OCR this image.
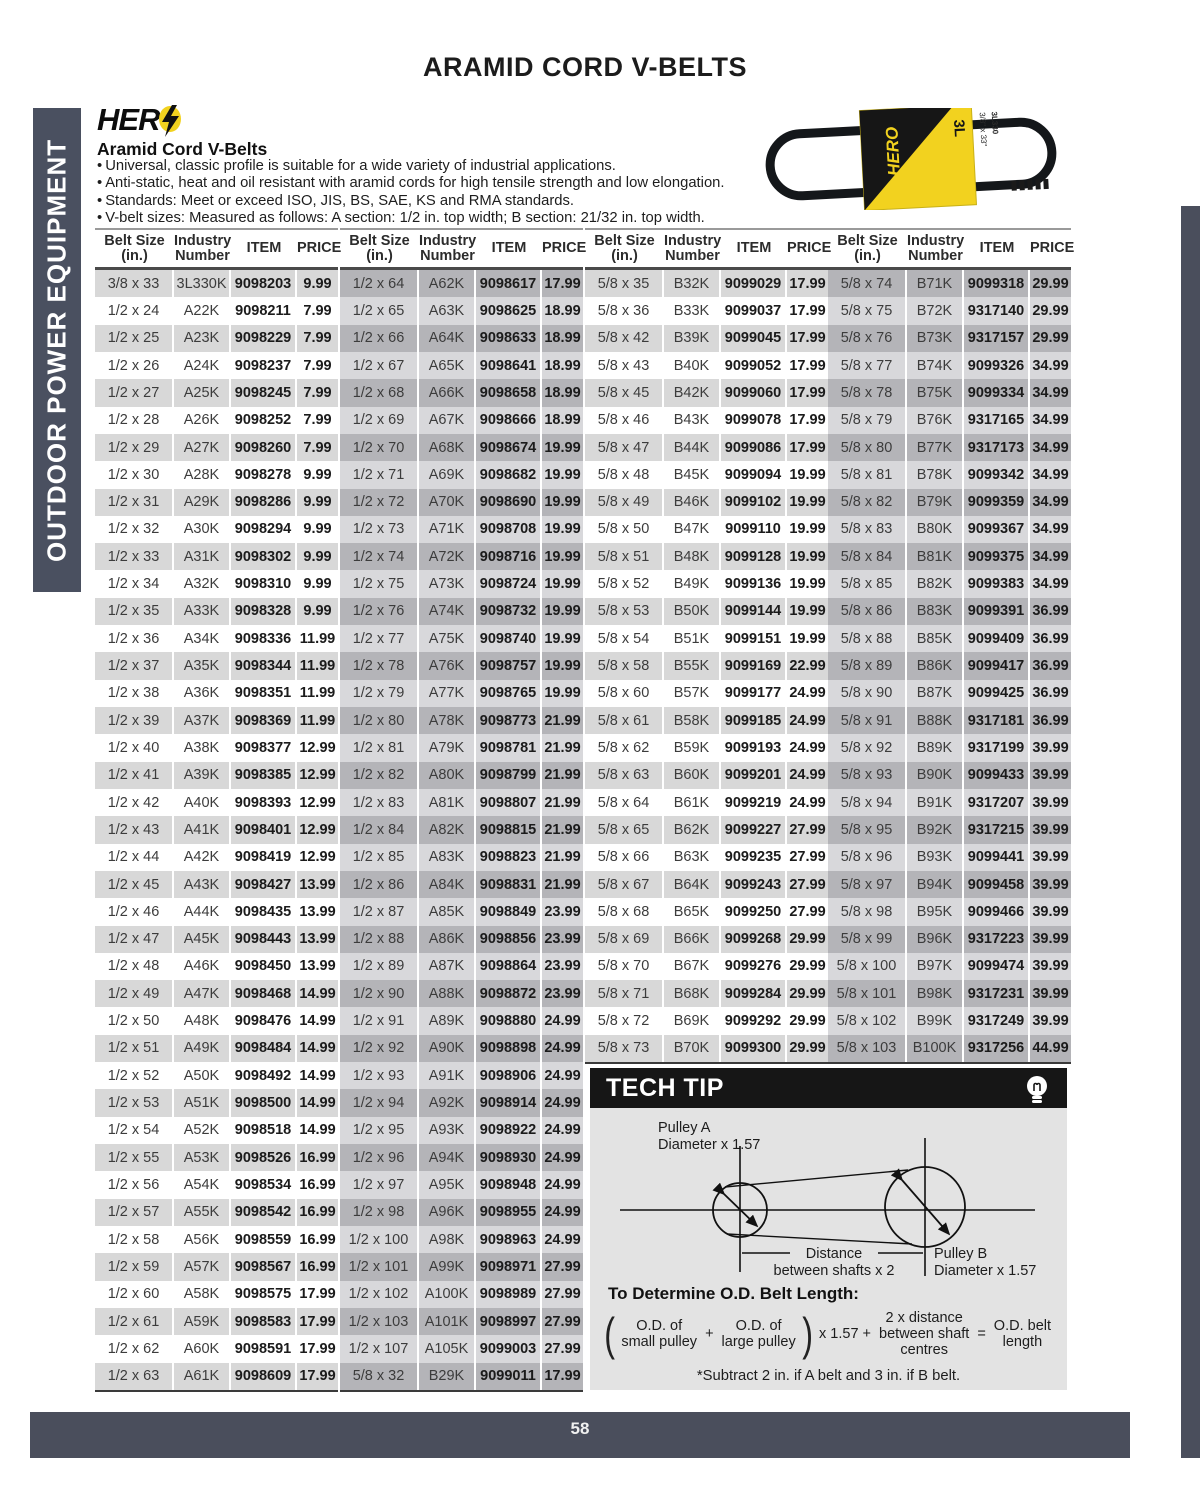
ARAMID CORD V-BELTS
OUTDOOR POWER EQUIPMENT
HER
Aramid Cord V-Belts
• Universal, classic profile is suitable for a wide variety of industrial applications.
• Anti-static, heat and oil resistant with aramid cords for high tensile strength and low elongation.
• Standards: Meet or exceed ISO, JIS, BS, SAE, KS and RMA standards.
• V-belt sizes: Measured as follows: A section: 1/2 in. top width; B section: 21/32 in. top width.
HERO	3L 3/8" x 33" 3L330
Belt Size
(in.)
Industry
Number	ITEM	PRICE
3/8 x 33	3L330K 9098203 9.99
1/2 x 24	A22K	9098211 7.99
1/2 x 25	A23K	9098229 7.99
1/2 x 26	A24K	9098237 7.99
1/2 x 27	A25K	9098245 7.99
1/2 x 28	A26K	9098252 7.99
1/2 x 29	A27K	9098260 7.99
1/2 x 30	A28K	9098278 9.99
1/2 x 31	A29K	9098286 9.99
1/2 x 32	A30K	9098294 9.99
1/2 x 33	A31K	9098302 9.99
1/2 x 34	A32K	9098310 9.99
1/2 x 35	A33K	9098328 9.99
1/2 x 36	A34K	9098336 11.99
1/2 x 37	A35K	9098344 11.99
1/2 x 38	A36K	9098351 11.99
1/2 x 39	A37K	9098369 11.99
1/2 x 40	A38K	9098377 12.99
1/2 x 41	A39K	9098385 12.99
1/2 x 42	A40K	9098393 12.99
1/2 x 43	A41K	9098401 12.99
1/2 x 44	A42K	9098419 12.99
1/2 x 45	A43K	9098427 13.99
1/2 x 46	A44K	9098435 13.99
1/2 x 47	A45K	9098443 13.99
1/2 x 48	A46K	9098450 13.99
1/2 x 49	A47K	9098468 14.99
1/2 x 50	A48K	9098476 14.99
1/2 x 51	A49K	9098484 14.99
1/2 x 52	A50K	9098492 14.99
1/2 x 53	A51K	9098500 14.99
1/2 x 54	A52K	9098518 14.99
1/2 x 55	A53K	9098526 16.99
1/2 x 56	A54K	9098534 16.99
1/2 x 57	A55K	9098542 16.99
1/2 x 58	A56K	9098559 16.99
1/2 x 59	A57K	9098567 16.99
1/2 x 60	A58K	9098575 17.99
1/2 x 61	A59K	9098583 17.99
1/2 x 62	A60K	9098591 17.99
1/2 x 63	A61K	9098609 17.99
Belt Size
(in.)
Industry
Number	ITEM	PRICE
1/2 x 64	A62K	9098617 17.99
1/2 x 65	A63K	9098625 18.99
1/2 x 66	A64K	9098633 18.99
1/2 x 67	A65K	9098641 18.99
1/2 x 68	A66K	9098658 18.99
1/2 x 69	A67K	9098666 18.99
1/2 x 70	A68K	9098674 19.99
1/2 x 71	A69K	9098682 19.99
1/2 x 72	A70K	9098690 19.99
1/2 x 73	A71K	9098708 19.99
1/2 x 74	A72K	9098716 19.99
1/2 x 75	A73K	9098724 19.99
1/2 x 76	A74K	9098732 19.99
1/2 x 77	A75K	9098740 19.99
1/2 x 78	A76K	9098757 19.99
1/2 x 79	A77K	9098765 19.99
1/2 x 80	A78K	9098773 21.99
1/2 x 81	A79K	9098781 21.99
1/2 x 82	A80K	9098799 21.99
1/2 x 83	A81K	9098807 21.99
1/2 x 84	A82K	9098815 21.99
1/2 x 85	A83K	9098823 21.99
1/2 x 86	A84K	9098831 21.99
1/2 x 87	A85K	9098849 23.99
1/2 x 88	A86K	9098856 23.99
1/2 x 89	A87K	9098864 23.99
1/2 x 90	A88K	9098872 23.99
1/2 x 91	A89K	9098880 24.99
1/2 x 92	A90K	9098898 24.99
1/2 x 93	A91K	9098906 24.99
1/2 x 94	A92K	9098914 24.99
1/2 x 95	A93K	9098922 24.99
1/2 x 96	A94K	9098930 24.99
1/2 x 97	A95K	9098948 24.99
1/2 x 98	A96K	9098955 24.99
1/2 x 100	A98K	9098963 24.99
1/2 x 101	A99K	9098971 27.99
1/2 x 102	A100K 9098989 27.99
1/2 x 103	A101K 9098997 27.99
1/2 x 107	A105K 9099003 27.99
5/8 x 32	B29K	9099011 17.99
Belt Size
(in.)
Industry
Number	ITEM	PRICE
5/8 x 35	B32K	9099029 17.99
5/8 x 36	B33K	9099037 17.99
5/8 x 42	B39K	9099045 17.99
5/8 x 43	B40K	9099052 17.99
5/8 x 45	B42K	9099060 17.99
5/8 x 46	B43K	9099078 17.99
5/8 x 47	B44K	9099086 17.99
5/8 x 48	B45K	9099094 19.99
5/8 x 49	B46K	9099102 19.99
5/8 x 50	B47K	9099110 19.99
5/8 x 51	B48K	9099128 19.99
5/8 x 52	B49K	9099136 19.99
5/8 x 53	B50K	9099144 19.99
5/8 x 54	B51K	9099151 19.99
5/8 x 58	B55K	9099169 22.99
5/8 x 60	B57K	9099177 24.99
5/8 x 61	B58K	9099185 24.99
5/8 x 62	B59K	9099193 24.99
5/8 x 63	B60K	9099201 24.99
5/8 x 64	B61K	9099219 24.99
5/8 x 65	B62K	9099227 27.99
5/8 x 66	B63K	9099235 27.99
5/8 x 67	B64K	9099243 27.99
5/8 x 68	B65K	9099250 27.99
5/8 x 69	B66K	9099268 29.99
5/8 x 70	B67K	9099276 29.99
5/8 x 71	B68K	9099284 29.99
5/8 x 72	B69K	9099292 29.99
5/8 x 73	B70K	9099300 29.99
Belt Size
(in.)
Industry
Number	ITEM	PRICE
5/8 x 74	B71K	9099318 29.99
5/8 x 75	B72K	9317140 29.99
5/8 x 76	B73K	9317157 29.99
5/8 x 77	B74K	9099326 34.99
5/8 x 78	B75K	9099334 34.99
5/8 x 79	B76K	9317165 34.99
5/8 x 80	B77K	9317173 34.99
5/8 x 81	B78K	9099342 34.99
5/8 x 82	B79K	9099359 34.99
5/8 x 83	B80K	9099367 34.99
5/8 x 84	B81K	9099375 34.99
5/8 x 85	B82K	9099383 34.99
5/8 x 86	B83K	9099391 36.99
5/8 x 88	B85K	9099409 36.99
5/8 x 89	B86K	9099417 36.99
5/8 x 90	B87K	9099425 36.99
5/8 x 91	B88K	9317181 36.99
5/8 x 92	B89K	9317199 39.99
5/8 x 93	B90K	9099433 39.99
5/8 x 94	B91K	9317207 39.99
5/8 x 95	B92K	9317215 39.99
5/8 x 96	B93K	9099441 39.99
5/8 x 97	B94K	9099458 39.99
5/8 x 98	B95K	9099466 39.99
5/8 x 99	B96K	9317223 39.99
5/8 x 100	B97K	9099474 39.99
5/8 x 101	B98K	9317231 39.99
5/8 x 102	B99K	9317249 39.99
5/8 x 103	B100K 9317256 44.99
TECH TIP
Pulley A
Diameter x 1.57
Distance
between shafts x 2
Pulley B
Diameter x 1.57
To Determine O.D. Belt Length:
( O.D. of
small pulley + O.D. of
large pulley ) x 1.57 +
2 x distance
between shaft
centres
= O.D. belt
length
*Subtract 2 in. if A belt and 3 in. if B belt.
58
